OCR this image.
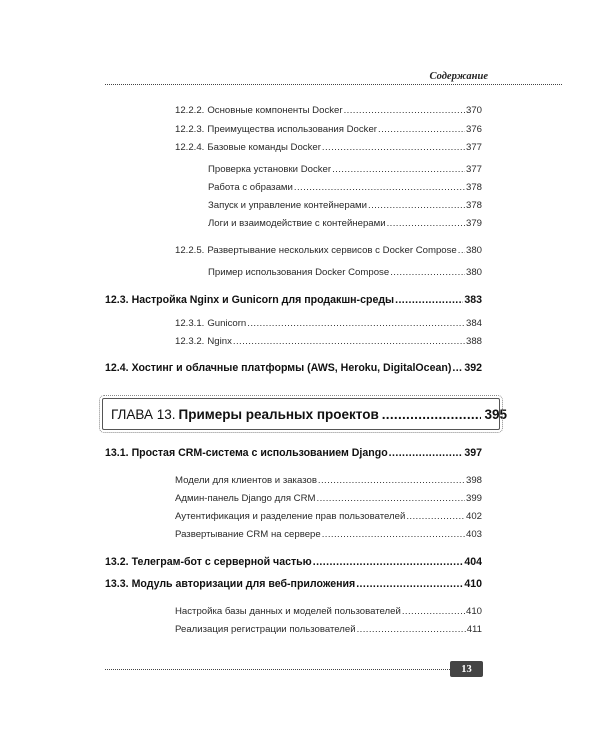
Содержание
12.2.2. Основные компоненты Docker .....	370
12.2.3. Преимущества использования Docker .....	376
12.2.4. Базовые команды Docker .....	377
Проверка установки Docker .....	377
Работа с образами .....	378
Запуск и управление контейнерами .....	378
Логи и взаимодействие с контейнерами .....	379
12.2.5. Развертывание нескольких сервисов с Docker Compose ..... 380
Пример использования Docker Compose .....	380
12.3. Настройка Nginx и Gunicorn для продакшн-среды .....	383
12.3.1. Gunicorn .....	384
12.3.2. Nginx .....	388
12.4. Хостинг и облачные платформы (AWS, Heroku, DigitalOcean) ..... 392
ГЛАВА 13. Примеры реальных проектов .....	395
13.1. Простая CRM-система с использованием Django .....	397
Модели для клиентов и заказов .....	398
Админ-панель Django для CRM .....	399
Аутентификация и разделение прав пользователей .....	402
Развертывание CRM на сервере .....	403
13.2. Телеграм-бот с серверной частью .....	404
13.3. Модуль авторизации для веб-приложения .....	410
Настройка базы данных и моделей пользователей .....	410
Реализация регистрации пользователей .....	411
13
